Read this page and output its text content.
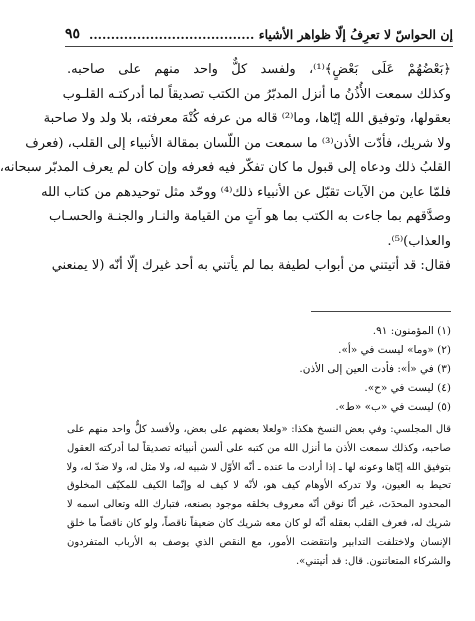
إن الحواسّ لا تعرِفُ إلّا ظواهر الأشياء ......................................
٩٥
﴿بَعْضُهُمْ عَلَى بَعْضٍ﴾⁽¹⁾، ولفسد كلٌّ واحد منهم على صاحبه.
وكذلك سمعت الأُذُنُ ما أنزل المدبّرُ من الكتب تصديقاً لما أدركتـه القلـوب
بعقولها، وتوفيق الله إيّاها، وما⁽²⁾ قاله من عرفه كُنْهَ معرفته، بلا ولد ولا صاحبة
ولا شريك، فأدّت الأذن⁽³⁾ ما سمعت من اللّسان بمقالة الأنبياء إلى القلب، (فعرف
القلبُ ذلك ودعاه إلى قبول ما كان تفكّر فيه فعرفه وإن كان لم يعرف المدبّر سبحانه،
فلمّا عاين من الآيات تقبّل عن الأنبياء ذلك⁽⁴⁾ ووحّد مثل توحيدهم من كتاب الله
وصدَّقهم بما جاءت به الكتب بما هو آتٍ من القيامة والنـار والجنـة والحسـاب
والعذاب)⁽⁵⁾.
فقال: قد أتيتني من أبواب لطيفة بما لم يأتني به أحد غيرك إلّا أنّه (لا يمنعني
(١) المؤمنون: ٩١.
(٢) «وما» ليست في «أ».
(٣) في «أ»: فأدت العين إلى الأذن.
(٤) ليست في «ح».
(٥) ليست في «ب» «ط».
قال المجلسي: وفي بعض النسخ هكذا: «ولعلا بعضهم على بعض، ولأفسد كلٌّ واحد منهم على
صاحبه، وكذلك سمعت الأذن ما أنزل الله من كتبه على ألسن أنبيائه تصديقاً لما أدركته العقول
بتوفيق الله إيّاها وعونه لها ـ إذا أرادت ما عنده ـ أنّه الأوّل لا شبيه له، ولا مثل له، ولا ضدّ له، ولا
تحيط به العيون، ولا تدركه الأوهام كيف هو، لأنّه لا كيف له وإنّما الكيف للمكيّف المخلوق
المحدود المحدَث، غير أنّا نوقن أنّه معروف بخلقه موجود بصنعه، فتبارك الله وتعالى اسمه لا
شريك له، فعرف القلب بعقله أنّه لو كان معه شريك كان ضعيفاً ناقصاً، ولو كان ناقصاً ما خلق
الإنسان ولاختلفت التدابير وانتقضت الأمور، مع النقص الذي يوصف به الأرباب المتفردون
والشركاء المتعاتنون. قال: قد أتيتني».
